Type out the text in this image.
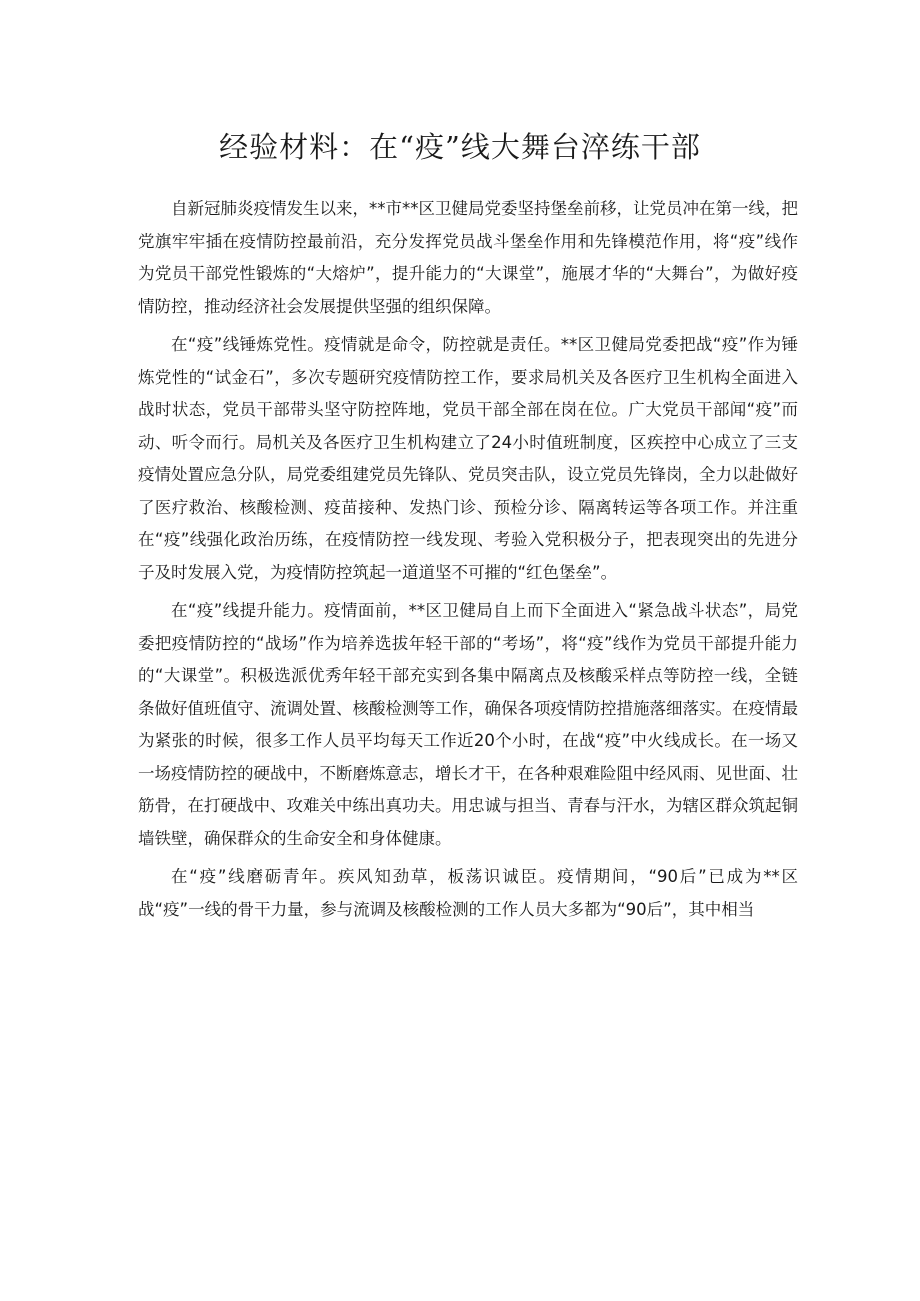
经验材料：在“疫”线大舞台淬练干部

自新冠肺炎疫情发生以来，**市**区卫健局党委坚持堡垒前移，让党员冲在第一线，把党旗牢牢插在疫情防控最前沿，充分发挥党员战斗堡垒作用和先锋模范作用，将“疫”线作为党员干部党性锻炼的“大熔炉”，提升能力的“大课堂”，施展才华的“大舞台”，为做好疫情防控，推动经济社会发展提供坚强的组织保障。

在“疫”线锤炼党性。疫情就是命令，防控就是责任。**区卫健局党委把战“疫”作为锤炼党性的“试金石”，多次专题研究疫情防控工作，要求局机关及各医疗卫生机构全面进入战时状态，党员干部带头坚守防控阵地，党员干部全部在岗在位。广大党员干部闻“疫”而动、听令而行。局机关及各医疗卫生机构建立了24小时值班制度，区疾控中心成立了三支疫情处置应急分队，局党委组建党员先锋队、党员突击队，设立党员先锋岗，全力以赴做好了医疗救治、核酸检测、疫苗接种、发热门诊、预检分诊、隔离转运等各项工作。并注重在“疫”线强化政治历练，在疫情防控一线发现、考验入党积极分子，把表现突出的先进分子及时发展入党，为疫情防控筑起一道道坚不可摧的“红色堡垒”。

在“疫”线提升能力。疫情面前，**区卫健局自上而下全面进入“紧急战斗状态”，局党委把疫情防控的“战场”作为培养选拔年轻干部的“考场”，将“疫”线作为党员干部提升能力的“大课堂”。积极选派优秀年轻干部充实到各集中隔离点及核酸采样点等防控一线，全链条做好值班值守、流调处置、核酸检测等工作，确保各项疫情防控措施落细落实。在疫情最为紧张的时候，很多工作人员平均每天工作近20个小时，在战“疫”中火线成长。在一场又一场疫情防控的硬战中，不断磨炼意志，增长才干，在各种艰难险阻中经风雨、见世面、壮筋骨，在打硬战中、攻难关中练出真功夫。用忠诚与担当、青春与汗水，为辖区群众筑起铜墙铁壁，确保群众的生命安全和身体健康。

在“疫”线磨砺青年。疾风知劲草，板荡识诚臣。疫情期间，“90后”已成为**区战“疫”一线的骨干力量，参与流调及核酸检测的工作人员大多都为“90后”，其中相当
